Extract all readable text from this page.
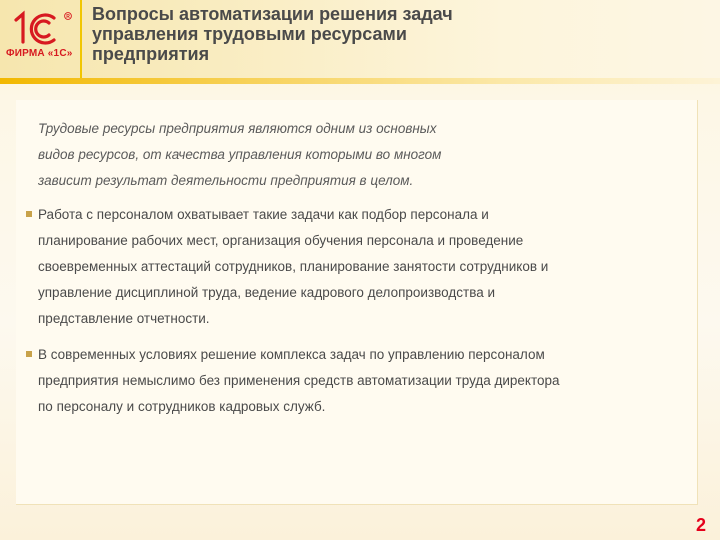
R
1С
ФИРМА «1С»
Вопросы автоматизации решения задач
управления трудовыми ресурсами
предприятия

Трудовые ресурсы предприятия являются одним из основных
видов ресурсов, от качества управления которыми во многом
зависит результат деятельности предприятия в целом.

Работа с персоналом охватывает такие задачи как подбор персонала и
планирование рабочих мест, организация обучения персонала и проведение
своевременных аттестаций сотрудников, планирование занятости сотрудников и
управление дисциплиной труда, ведение кадрового делопроизводства и
представление отчетности.
В современных условиях решение комплекса задач по управлению персоналом
предприятия немыслимо без применения средств автоматизации труда директора
по персоналу и сотрудников кадровых служб.
2
